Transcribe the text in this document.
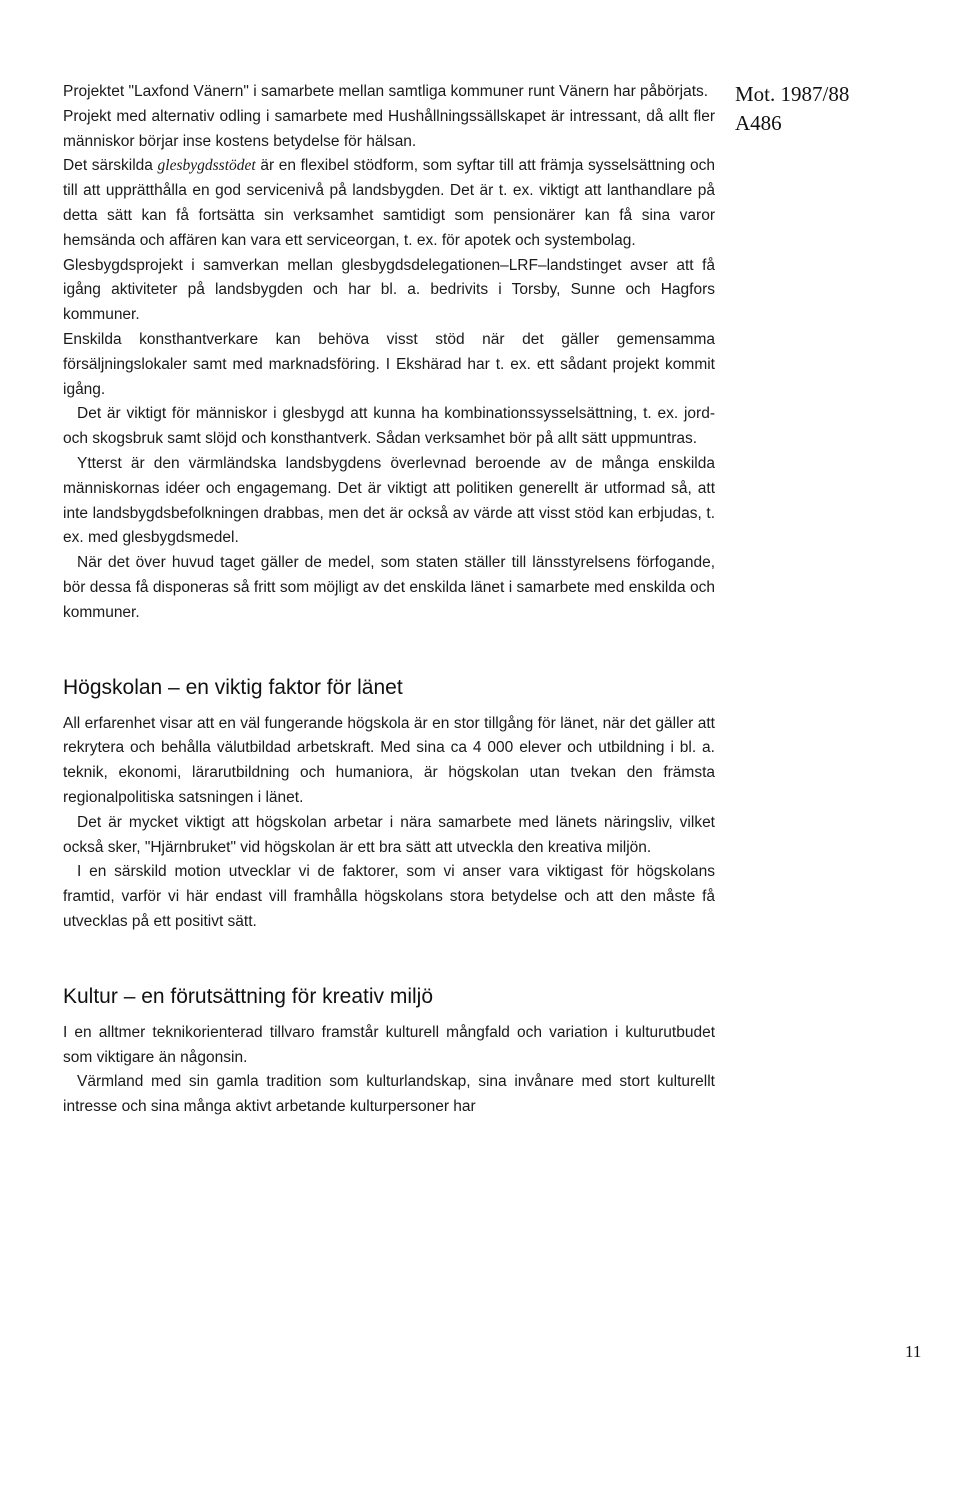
Mot. 1987/88
A486

Projektet "Laxfond Vänern" i samarbete mellan samtliga kommuner runt Vänern har påbörjats.

Projekt med alternativ odling i samarbete med Hushållningssällskapet är intressant, då allt fler människor börjar inse kostens betydelse för hälsan.

Det särskilda glesbygdsstödet är en flexibel stödform, som syftar till att främja sysselsättning och till att upprätthålla en god servicenivå på landsbygden. Det är t. ex. viktigt att lanthandlare på detta sätt kan få fortsätta sin verksamhet samtidigt som pensionärer kan få sina varor hemsända och affären kan vara ett serviceorgan, t. ex. för apotek och systembolag.

Glesbygdsprojekt i samverkan mellan glesbygdsdelegationen–LRF–landstinget avser att få igång aktiviteter på landsbygden och har bl. a. bedrivits i Torsby, Sunne och Hagfors kommuner.

Enskilda konsthantverkare kan behöva visst stöd när det gäller gemensamma försäljningslokaler samt med marknadsföring. I Ekshärad har t. ex. ett sådant projekt kommit igång.

Det är viktigt för människor i glesbygd att kunna ha kombinationssysselsättning, t. ex. jord- och skogsbruk samt slöjd och konsthantverk. Sådan verksamhet bör på allt sätt uppmuntras.

Ytterst är den värmländska landsbygdens överlevnad beroende av de många enskilda människornas idéer och engagemang. Det är viktigt att politiken generellt är utformad så, att inte landsbygdsbefolkningen drabbas, men det är också av värde att visst stöd kan erbjudas, t. ex. med glesbygdsmedel.

När det över huvud taget gäller de medel, som staten ställer till länsstyrelsens förfogande, bör dessa få disponeras så fritt som möjligt av det enskilda länet i samarbete med enskilda och kommuner.

Högskolan – en viktig faktor för länet

All erfarenhet visar att en väl fungerande högskola är en stor tillgång för länet, när det gäller att rekrytera och behålla välutbildad arbetskraft. Med sina ca 4 000 elever och utbildning i bl. a. teknik, ekonomi, lärarutbildning och humaniora, är högskolan utan tvekan den främsta regionalpolitiska satsningen i länet.

Det är mycket viktigt att högskolan arbetar i nära samarbete med länets näringsliv, vilket också sker, "Hjärnbruket" vid högskolan är ett bra sätt att utveckla den kreativa miljön.

I en särskild motion utvecklar vi de faktorer, som vi anser vara viktigast för högskolans framtid, varför vi här endast vill framhålla högskolans stora betydelse och att den måste få utvecklas på ett positivt sätt.

Kultur – en förutsättning för kreativ miljö

I en alltmer teknikorienterad tillvaro framstår kulturell mångfald och variation i kulturutbudet som viktigare än någonsin.

Värmland med sin gamla tradition som kulturlandskap, sina invånare med stort kulturellt intresse och sina många aktivt arbetande kulturpersoner har

11
